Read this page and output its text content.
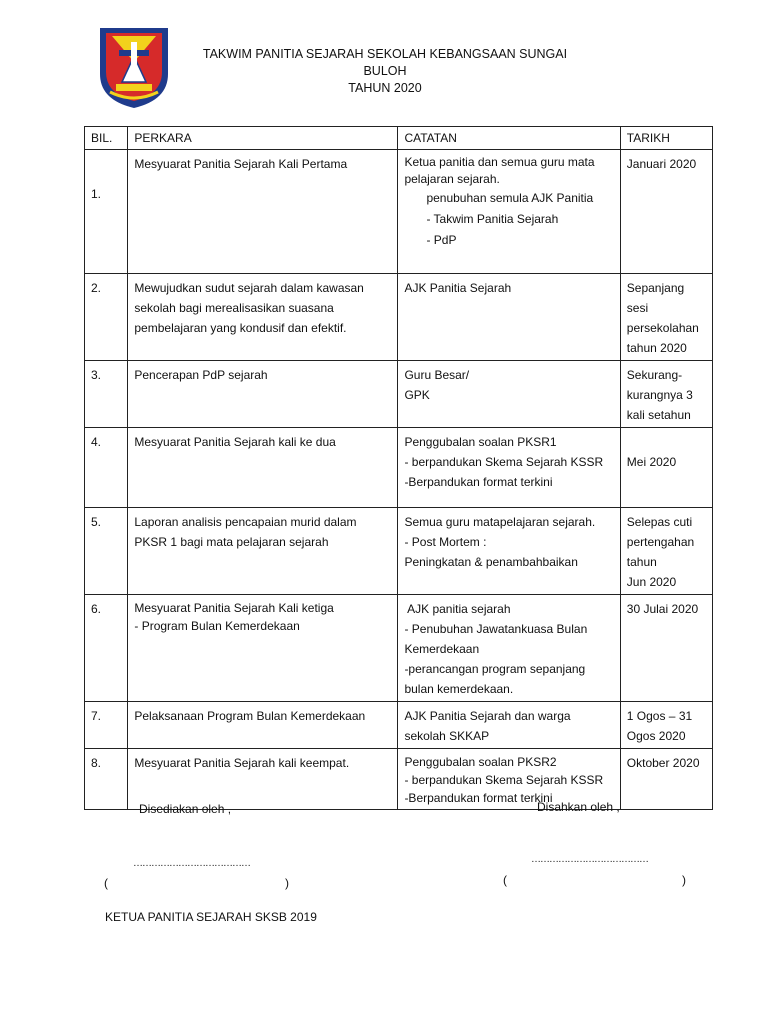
TAKWIM PANITIA SEJARAH SEKOLAH KEBANGSAAN SUNGAI BULOH
TAHUN 2020
BIL.	PERKARA	CATATAN	TARIKH
1.	Mesyuarat Panitia Sejarah Kali Pertama	Ketua panitia dan semua guru mata pelajaran sejarah.
penubuhan semula AJK Panitia
- Takwim Panitia Sejarah
- PdP	Januari 2020

2.	Mewujudkan sudut sejarah dalam kawasan
sekolah bagi merealisasikan suasana
pembelajaran yang kondusif dan efektif.	AJK Panitia Sejarah	Sepanjang
sesi
persekolahan
tahun 2020

3.	Pencerapan PdP sejarah	Guru Besar/
GPK	Sekurang-
kurangnya 3
kali setahun

4.	Mesyuarat Panitia Sejarah kali ke dua	Penggubalan soalan PKSR1
- berpandukan Skema Sejarah KSSR
-Berpandukan format terkini	Mei 2020

5.	Laporan analisis pencapaian murid dalam
PKSR 1 bagi mata pelajaran sejarah	Semua guru matapelajaran sejarah.
- Post Mortem :
Peningkatan & penambahbaikan	Selepas cuti
pertengahan
tahun
Jun 2020

6.	Mesyuarat Panitia Sejarah Kali ketiga
- Program Bulan Kemerdekaan	AJK panitia sejarah
- Penubuhan Jawatankuasa Bulan
Kemerdekaan
-perancangan program sepanjang
bulan kemerdekaan.	30 Julai 2020

7.	Pelaksanaan Program Bulan Kemerdekaan	AJK Panitia Sejarah dan warga
sekolah SKKAP	1 Ogos – 31
Ogos 2020

8.	Mesyuarat Panitia Sejarah kali keempat.	Penggubalan soalan PKSR2
- berpandukan Skema Sejarah KSSR
-Berpandukan format terkini	Oktober 2020
Disediakan oleh ,	Disahkan oleh ,
…………………………………	…………………………………
(	)	(	)
KETUA PANITIA SEJARAH SKSB 2019
